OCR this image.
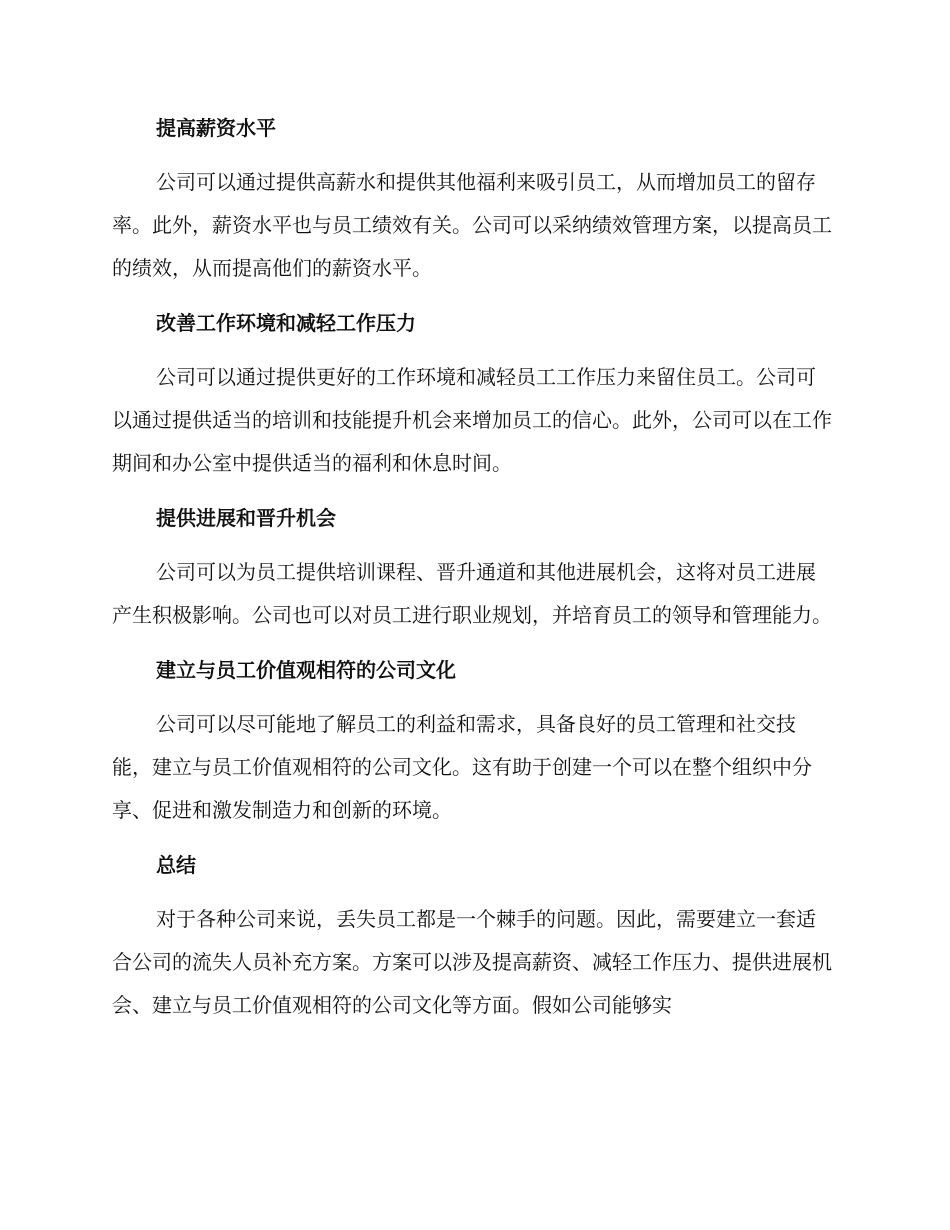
提高薪资水平

公司可以通过提供高薪水和提供其他福利来吸引员工，从而增加员工的留存率。此外，薪资水平也与员工绩效有关。公司可以采纳绩效管理方案，以提高员工的绩效，从而提高他们的薪资水平。

改善工作环境和减轻工作压力

公司可以通过提供更好的工作环境和减轻员工工作压力来留住员工。公司可以通过提供适当的培训和技能提升机会来增加员工的信心。此外，公司可以在工作期间和办公室中提供适当的福利和休息时间。

提供进展和晋升机会

公司可以为员工提供培训课程、晋升通道和其他进展机会，这将对员工进展产生积极影响。公司也可以对员工进行职业规划，并培育员工的领导和管理能力。

建立与员工价值观相符的公司文化

公司可以尽可能地了解员工的利益和需求，具备良好的员工管理和社交技能，建立与员工价值观相符的公司文化。这有助于创建一个可以在整个组织中分享、促进和激发制造力和创新的环境。

总结

对于各种公司来说，丢失员工都是一个棘手的问题。因此，需要建立一套适合公司的流失人员补充方案。方案可以涉及提高薪资、减轻工作压力、提供进展机会、建立与员工价值观相符的公司文化等方面。假如公司能够实
